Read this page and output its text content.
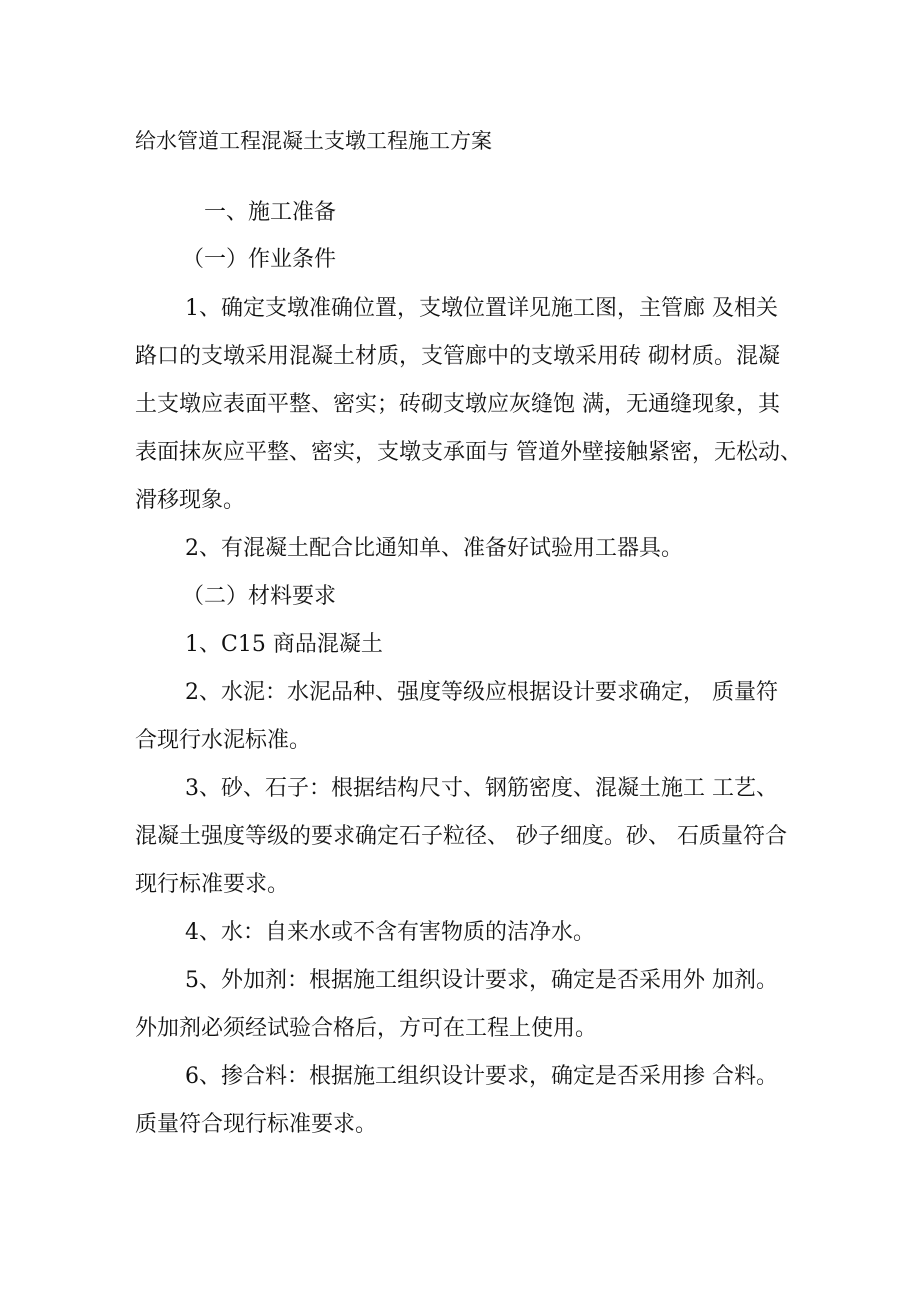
给水管道工程混凝土支墩工程施工方案

一、施工准备

（一）作业条件

1、确定支墩准确位置，支墩位置详见施工图，主管廊 及相关

路口的支墩采用混凝土材质，支管廊中的支墩采用砖 砌材质。混凝

土支墩应表面平整、密实；砖砌支墩应灰缝饱 满，无通缝现象，其

表面抹灰应平整、密实，支墩支承面与 管道外壁接触紧密，无松动、

滑移现象。

2、有混凝土配合比通知单、准备好试验用工器具。

（二）材料要求

1、C15 商品混凝土

2、水泥：水泥品种、强度等级应根据设计要求确定， 质量符

合现行水泥标准。

3、砂、石子：根据结构尺寸、钢筋密度、混凝土施工 工艺、

混凝土强度等级的要求确定石子粒径、 砂子细度。砂、 石质量符合

现行标准要求。

4、水：自来水或不含有害物质的洁净水。

5、外加剂：根据施工组织设计要求，确定是否采用外 加剂。

外加剂必须经试验合格后，方可在工程上使用。

6、掺合料：根据施工组织设计要求，确定是否采用掺 合料。

质量符合现行标准要求。
